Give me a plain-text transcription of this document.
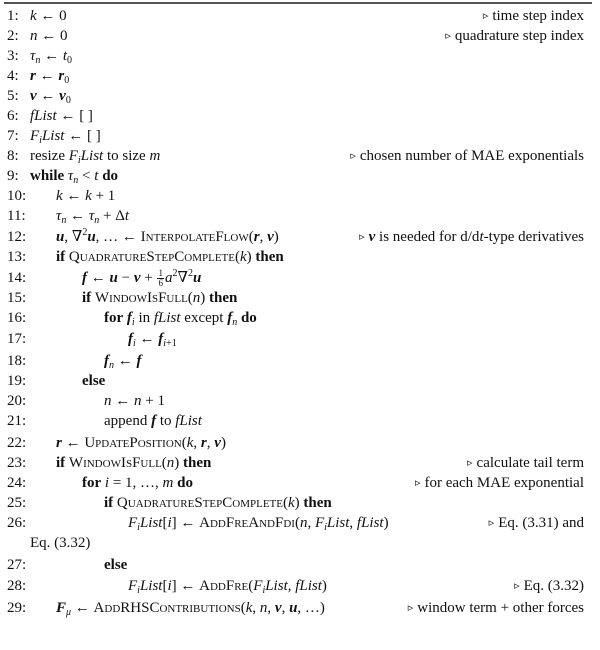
1: k ← 0	▹ time step index
2: n ← 0	▹ quadrature step index
3: $\tau_n$ ← $t_0$
4: r ← $r_0$
5: v ← $v_0$
6: fList ← [ ]
7: $F_iList$ ← [ ]
8: resize $F_iList$ to size m	▹ chosen number of MAE exponentials
9: while $\tau_n < t$ do
10:	k ← k + 1
11:	$\tau_n$ ← $\tau_n + \Delta t$
12:	u, ∇$^2$u, … ← InterpolateFlow(r, v)	▹ v is needed for d/dt-type derivatives
13:	if QuadratureStepComplete(k) then
14:	f ← $u - v + \frac{1}{6} a^2\nabla^2u$
15:	if WindowIsFull(n) then
16:	for $f_i$ in fList except $f_n$ do
17:	$f_i$ ← $f_{i+1}$
18:	$f_n$ ← f
19:	else
20:	n ← n + 1
21:	append f to fList
22:	r ← UpdatePosition(k, r, v)
23:	if WindowIsFull(n) then	▹ calculate tail term
24:	for i = 1, …, m do	▹ for each MAE exponential
25:	if QuadratureStepComplete(k) then
26:	$F_iList[i]$ ← AddFreAndFdi(n, $F_iList$, fList)	▹ Eq. (3.31) and
Eq. (3.32)
27:	else
28:	$F_iList[i]$ ← $AddFre(F_iList$, fList)	▹ Eq. (3.32)
29:	$F_\mu$ ← AddRHSContributions(k, n, v, u, …)	▹ window term + other forces
